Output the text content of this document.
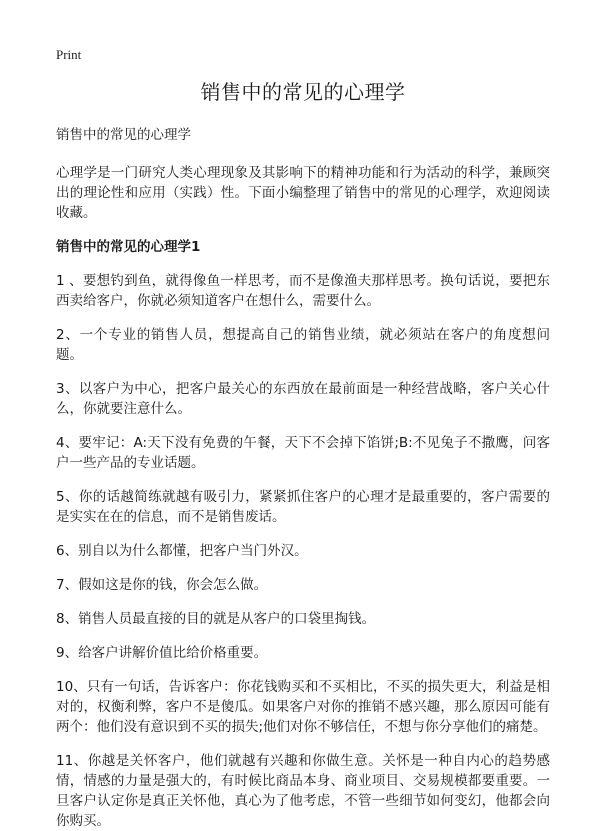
Print
销售中的常见的心理学

销售中的常见的心理学

心理学是一门研究人类心理现象及其影响下的精神功能和行为活动的科学，兼顾突出的理论性和应用（实践）性。下面小编整理了销售中的常见的心理学，欢迎阅读收藏。

销售中的常见的心理学1
1 、要想钓到鱼，就得像鱼一样思考，而不是像渔夫那样思考。换句话说，要把东西卖给客户，你就必须知道客户在想什么，需要什么。
2、一个专业的销售人员，想提高自己的销售业绩，就必须站在客户的角度想问题。
3、以客户为中心，把客户最关心的东西放在最前面是一种经营战略，客户关心什么，你就要注意什么。
4、要牢记：A:天下没有免费的午餐，天下不会掉下馅饼;B:不见兔子不撒鹰，问客户一些产品的专业话题。
5、你的话越简练就越有吸引力，紧紧抓住客户的心理才是最重要的，客户需要的是实实在在的信息，而不是销售废话。
6、别自以为什么都懂，把客户当门外汉。
7、假如这是你的钱，你会怎么做。
8、销售人员最直接的目的就是从客户的口袋里掏钱。
9、给客户讲解价值比给价格重要。
10、只有一句话，告诉客户：你花钱购买和不买相比，不买的损失更大，利益是相对的，权衡利弊，客户不是傻瓜。如果客户对你的推销不感兴趣，那么原因可能有两个：他们没有意识到不买的损失;他们对你不够信任，不想与你分享他们的痛楚。
11、你越是关怀客户，他们就越有兴趣和你做生意。关怀是一种自内心的趋势感情，情感的力量是强大的，有时候比商品本身、商业项目、交易规模都要重要。一旦客户认定你是真正关怀他，真心为了他考虑，不管一些细节如何变幻，他都会向你购买。
